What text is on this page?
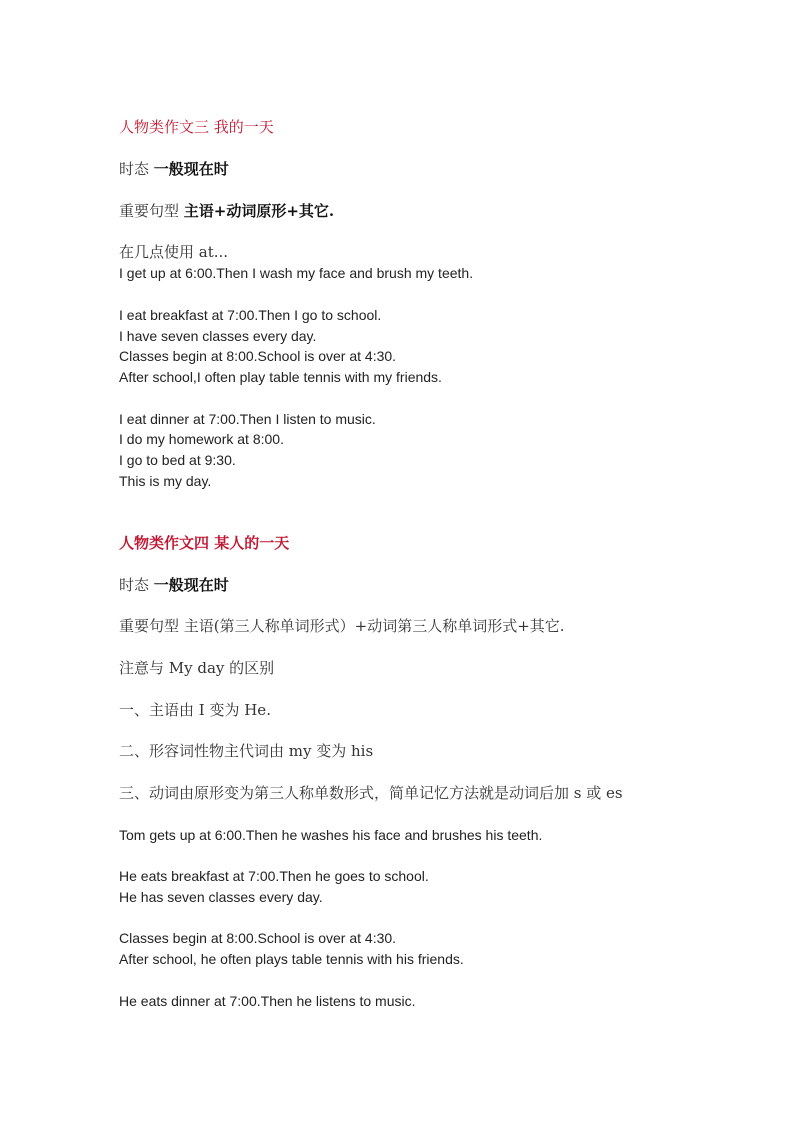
人物类作文三 我的一天
时态 一般现在时
重要句型 主语+动词原形+其它.
在几点使用 at...
I get up at 6:00.Then I wash my face and brush my teeth.
I eat breakfast at 7:00.Then I go to school.
I have seven classes every day.
Classes begin at 8:00.School is over at 4:30.
After school,I often play table tennis with my friends.
I eat dinner at 7:00.Then I listen to music.
I do my homework at 8:00.
I go to bed at 9:30.
This is my day.
人物类作文四 某人的一天
时态 一般现在时
重要句型 主语(第三人称单词形式）+动词第三人称单词形式+其它.
注意与 My day 的区别
一、主语由 I 变为 He.
二、形容词性物主代词由 my 变为 his
三、动词由原形变为第三人称单数形式，简单记忆方法就是动词后加 s 或 es
Tom gets up at 6:00.Then he washes his face and brushes his teeth.
He eats breakfast at 7:00.Then he goes to school.
He has seven classes every day.
Classes begin at 8:00.School is over at 4:30.
After school, he often plays table tennis with his friends.
He eats dinner at 7:00.Then he listens to music.
